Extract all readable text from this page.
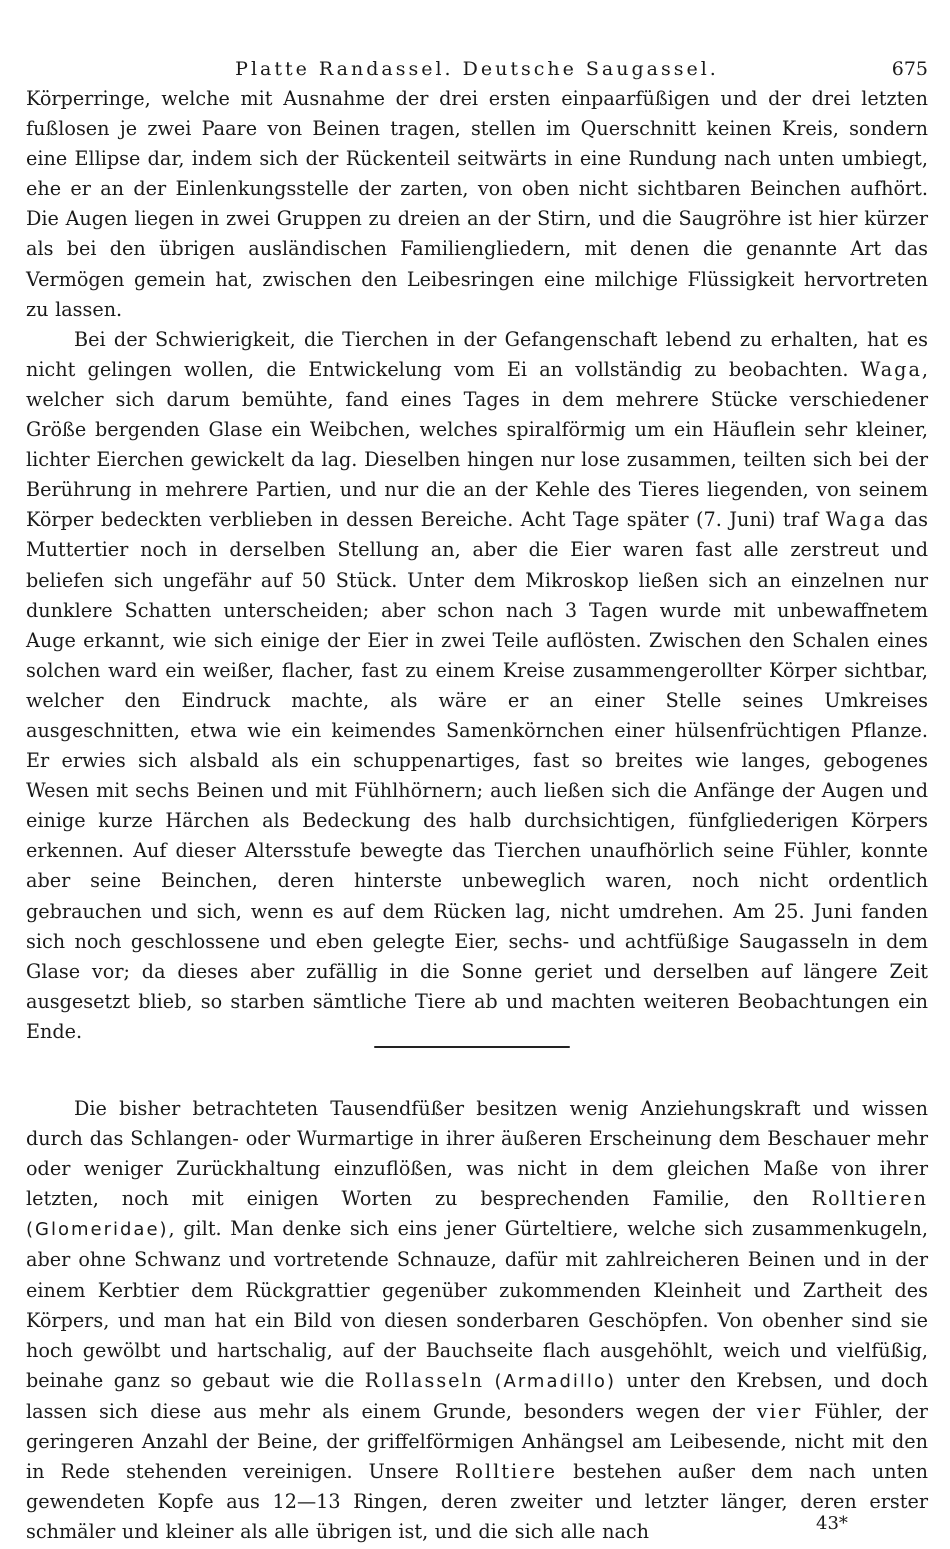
Platte Randassel. Deutsche Saugassel.	675

Körperringe, welche mit Ausnahme der drei ersten einpaarfüßigen und der drei letzten fußlosen je zwei Paare von Beinen tragen, stellen im Querschnitt keinen Kreis, sondern eine Ellipse dar, indem sich der Rückenteil seitwärts in eine Rundung nach unten umbiegt, ehe er an der Einlenkungsstelle der zarten, von oben nicht sichtbaren Beinchen aufhört. Die Augen liegen in zwei Gruppen zu dreien an der Stirn, und die Saugröhre ist hier kürzer als bei den übrigen ausländischen Familiengliedern, mit denen die genannte Art das Vermögen gemein hat, zwischen den Leibesringen eine milchige Flüssigkeit hervortreten zu lassen.

Bei der Schwierigkeit, die Tierchen in der Gefangenschaft lebend zu erhalten, hat es nicht gelingen wollen, die Entwickelung vom Ei an vollständig zu beobachten. Waga, welcher sich darum bemühte, fand eines Tages in dem mehrere Stücke verschiedener Größe bergenden Glase ein Weibchen, welches spiralförmig um ein Häuflein sehr kleiner, lichter Eierchen gewickelt da lag. Dieselben hingen nur lose zusammen, teilten sich bei der Berührung in mehrere Partien, und nur die an der Kehle des Tieres liegenden, von seinem Körper bedeckten verblieben in dessen Bereiche. Acht Tage später (7. Juni) traf Waga das Muttertier noch in derselben Stellung an, aber die Eier waren fast alle zerstreut und beliefen sich ungefähr auf 50 Stück. Unter dem Mikroskop ließen sich an einzelnen nur dunklere Schatten unterscheiden; aber schon nach 3 Tagen wurde mit unbewaffnetem Auge erkannt, wie sich einige der Eier in zwei Teile auflösten. Zwischen den Schalen eines solchen ward ein weißer, flacher, fast zu einem Kreise zusammengerollter Körper sichtbar, welcher den Eindruck machte, als wäre er an einer Stelle seines Umkreises ausgeschnitten, etwa wie ein keimendes Samenkörnchen einer hülsenfrüchtigen Pflanze. Er erwies sich alsbald als ein schuppenartiges, fast so breites wie langes, gebogenes Wesen mit sechs Beinen und mit Fühlhörnern; auch ließen sich die Anfänge der Augen und einige kurze Härchen als Bedeckung des halb durchsichtigen, fünfgliederigen Körpers erkennen. Auf dieser Altersstufe bewegte das Tierchen unaufhörlich seine Fühler, konnte aber seine Beinchen, deren hinterste unbeweglich waren, noch nicht ordentlich gebrauchen und sich, wenn es auf dem Rücken lag, nicht umdrehen. Am 25. Juni fanden sich noch geschlossene und eben gelegte Eier, sechs- und achtfüßige Saugasseln in dem Glase vor; da dieses aber zufällig in die Sonne geriet und derselben auf längere Zeit ausgesetzt blieb, so starben sämtliche Tiere ab und machten weiteren Beobachtungen ein Ende.

Die bisher betrachteten Tausendfüßer besitzen wenig Anziehungskraft und wissen durch das Schlangen- oder Wurmartige in ihrer äußeren Erscheinung dem Beschauer mehr oder weniger Zurückhaltung einzuflößen, was nicht in dem gleichen Maße von ihrer letzten, noch mit einigen Worten zu besprechenden Familie, den Rolltieren (Glomeridae), gilt. Man denke sich eins jener Gürteltiere, welche sich zusammenkugeln, aber ohne Schwanz und vortretende Schnauze, dafür mit zahlreicheren Beinen und in der einem Kerbtier dem Rückgrattier gegenüber zukommenden Kleinheit und Zartheit des Körpers, und man hat ein Bild von diesen sonderbaren Geschöpfen. Von obenher sind sie hoch gewölbt und hartschalig, auf der Bauchseite flach ausgehöhlt, weich und vielfüßig, beinahe ganz so gebaut wie die Rollasseln (Armadillo) unter den Krebsen, und doch lassen sich diese aus mehr als einem Grunde, besonders wegen der vier Fühler, der geringeren Anzahl der Beine, der griffelförmigen Anhängsel am Leibesende, nicht mit den in Rede stehenden vereinigen. Unsere Rolltiere bestehen außer dem nach unten gewendeten Kopfe aus 12—13 Ringen, deren zweiter und letzter länger, deren erster schmäler und kleiner als alle übrigen ist, und die sich alle nach	43*
